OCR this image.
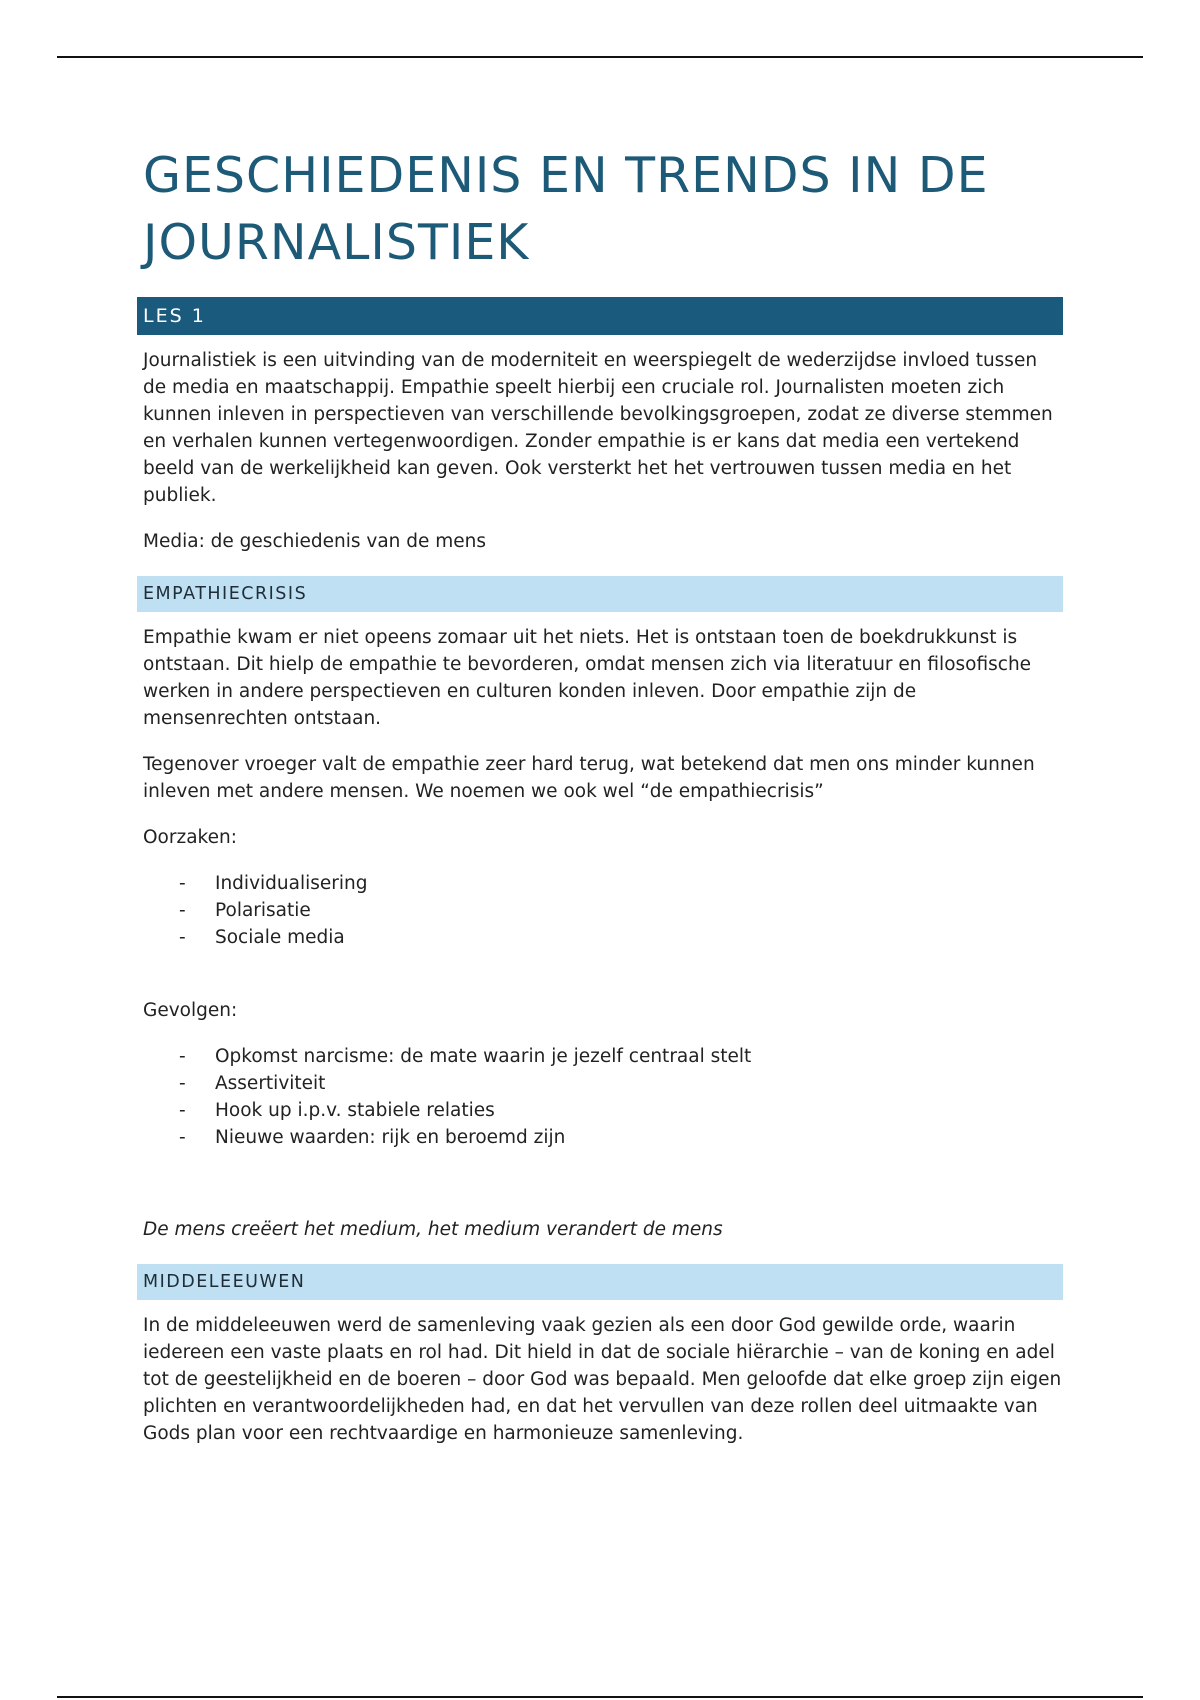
GESCHIEDENIS EN TRENDS IN DE JOURNALISTIEK
LES 1

Journalistiek is een uitvinding van de moderniteit en weerspiegelt de wederzijdse invloed tussen de media en maatschappij. Empathie speelt hierbij een cruciale rol. Journalisten moeten zich kunnen inleven in perspectieven van verschillende bevolkingsgroepen, zodat ze diverse stemmen en verhalen kunnen vertegenwoordigen. Zonder empathie is er kans dat media een vertekend beeld van de werkelijkheid kan geven. Ook versterkt het het vertrouwen tussen media en het publiek.

Media: de geschiedenis van de mens

EMPATHIECRISIS

Empathie kwam er niet opeens zomaar uit het niets. Het is ontstaan toen de boekdrukkunst is ontstaan. Dit hielp de empathie te bevorderen, omdat mensen zich via literatuur en filosofische werken in andere perspectieven en culturen konden inleven. Door empathie zijn de mensenrechten ontstaan.

Tegenover vroeger valt de empathie zeer hard terug, wat betekend dat men ons minder kunnen inleven met andere mensen. We noemen we ook wel “de empathiecrisis”

Oorzaken:

- Individualisering
- Polarisatie
- Sociale media

Gevolgen:

- Opkomst narcisme: de mate waarin je jezelf centraal stelt
- Assertiviteit
- Hook up i.p.v. stabiele relaties
- Nieuwe waarden: rijk en beroemd zijn

De mens creëert het medium, het medium verandert de mens

MIDDELEEUWEN

In de middeleeuwen werd de samenleving vaak gezien als een door God gewilde orde, waarin iedereen een vaste plaats en rol had. Dit hield in dat de sociale hiërarchie – van de koning en adel tot de geestelijkheid en de boeren – door God was bepaald. Men geloofde dat elke groep zijn eigen plichten en verantwoordelijkheden had, en dat het vervullen van deze rollen deel uitmaakte van Gods plan voor een rechtvaardige en harmonieuze samenleving.
